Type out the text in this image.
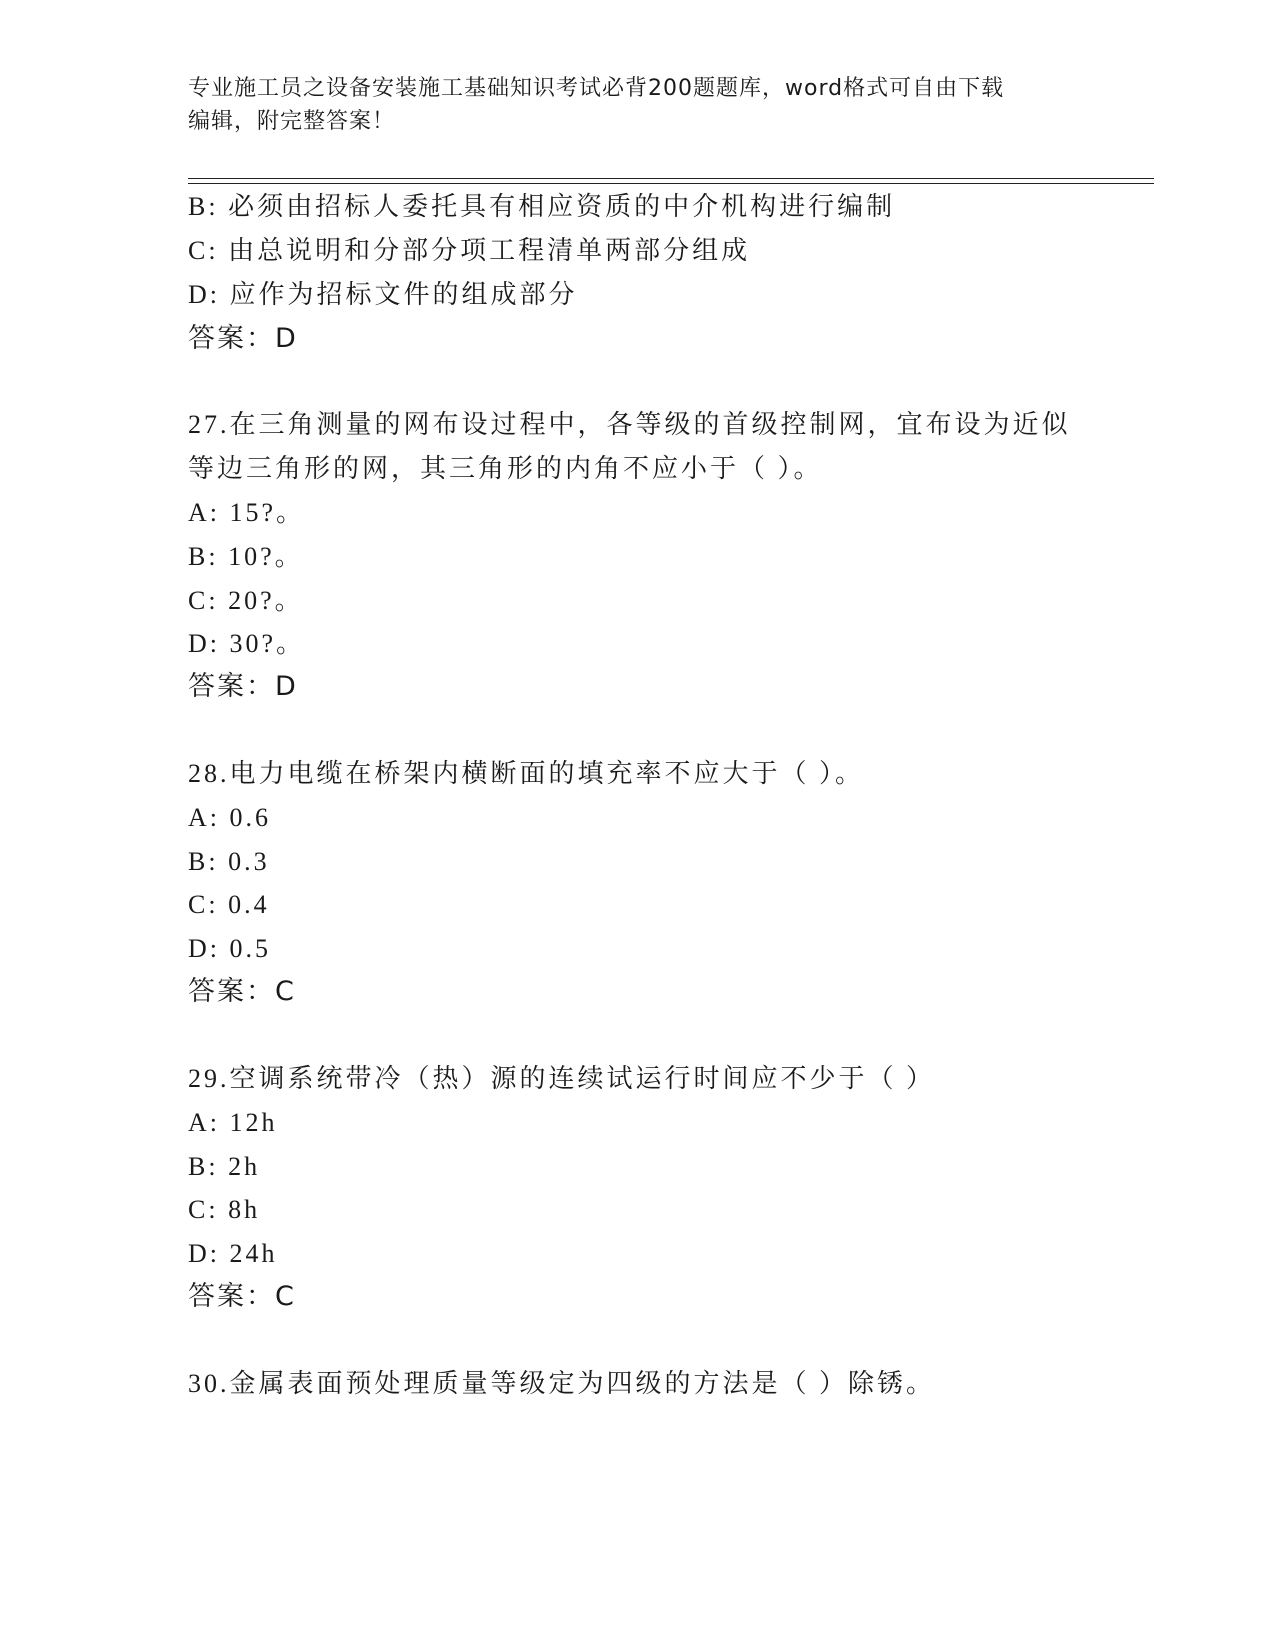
专业施工员之设备安装施工基础知识考试必背200题题库，word格式可自由下载
编辑，附完整答案！
B: 必须由招标人委托具有相应资质的中介机构进行编制
C: 由总说明和分部分项工程清单两部分组成
D: 应作为招标文件的组成部分
答案：D
27.在三角测量的网布设过程中，各等级的首级控制网，宜布设为近似
等边三角形的网，其三角形的内角不应小于（ ）。
A: 15?。
B: 10?。
C: 20?。
D: 30?。
答案：D
28.电力电缆在桥架内横断面的填充率不应大于（ ）。
A: 0.6
B: 0.3
C: 0.4
D: 0.5
答案：C
29.空调系统带冷（热）源的连续试运行时间应不少于（ ）
A: 12h
B: 2h
C: 8h
D: 24h
答案：C
30.金属表面预处理质量等级定为四级的方法是（ ）除锈。
